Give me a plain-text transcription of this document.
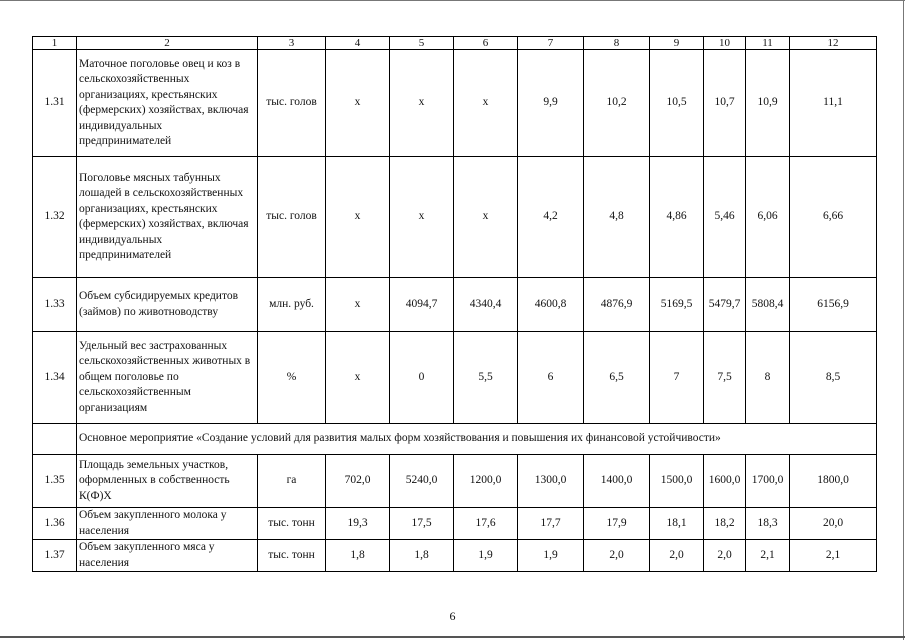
1	2	3	4	5	6	7	8	9	10	11	12
1.31	Маточное поголовье овец и коз в сельскохозяйственных организациях, крестьянских (фермерских) хозяйствах, включая индивидуальных предпринимателей	тыс. голов	х	х	х	9,9	10,2	10,5	10,7	10,9	11,1
1.32	Поголовье мясных табунных лошадей в сельскохозяйственных организациях, крестьянских (фермерских) хозяйствах, включая индивидуальных предпринимателей	тыс. голов	х	х	х	4,2	4,8	4,86	5,46	6,06	6,66
1.33	Объем субсидируемых кредитов (займов) по животноводству	млн. руб.	х	4094,7	4340,4	4600,8	4876,9	5169,5	5479,7	5808,4	6156,9
1.34	Удельный вес застрахованных сельскохозяйственных животных в общем поголовье по сельскохозяйственным организациям	%	х	0	5,5	6	6,5	7	7,5	8	8,5
	Основное мероприятие «Создание условий для развития малых форм хозяйствования и повышения их финансовой устойчивости»										
1.35	Площадь земельных участков, оформленных в собственность К(Ф)Х	га	702,0	5240,0	1200,0	1300,0	1400,0	1500,0	1600,0	1700,0	1800,0
1.36	Объем закупленного молока у населения	тыс. тонн	19,3	17,5	17,6	17,7	17,9	18,1	18,2	18,3	20,0
1.37	Объем закупленного мяса у населения	тыс. тонн	1,8	1,8	1,9	1,9	2,0	2,0	2,0	2,1	2,1
6
